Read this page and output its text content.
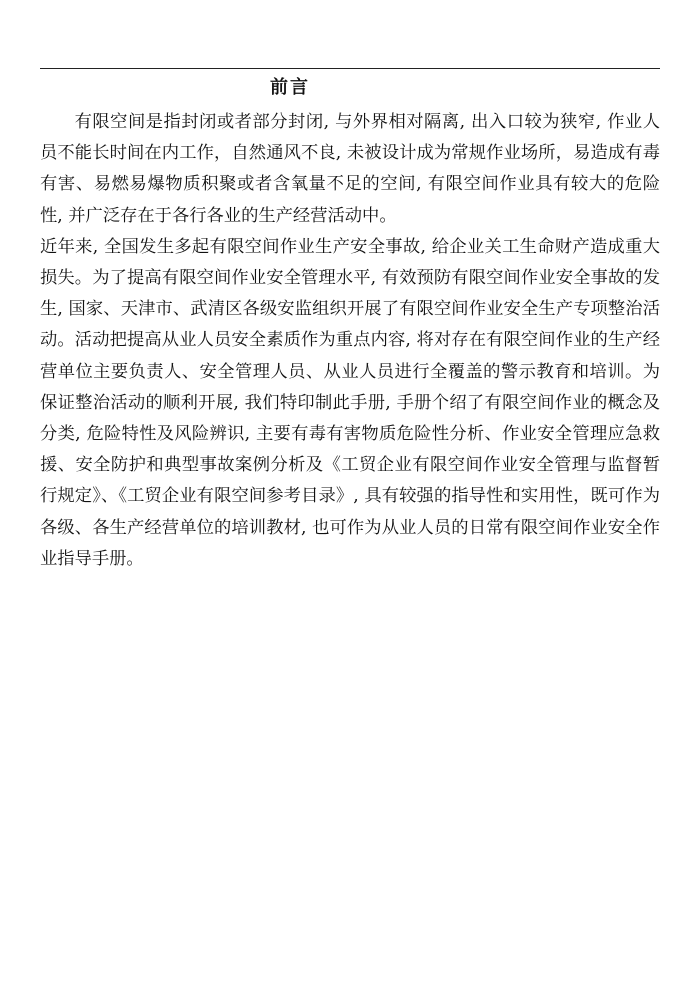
前言

有限空间是指封闭或者部分封闭, 与外界相对隔离, 出入口较为狭窄, 作业人员不能长时间在内工作，自然通风不良, 未被设计成为常规作业场所，易造成有毒有害、易燃易爆物质积聚或者含氧量不足的空间, 有限空间作业具有较大的危险性, 并广泛存在于各行各业的生产经营活动中。

近年来, 全国发生多起有限空间作业生产安全事故, 给企业关工生命财产造成重大损失。为了提高有限空间作业安全管理水平, 有效预防有限空间作业安全事故的发生, 国家、天津市、武清区各级安监组织开展了有限空间作业安全生产专项整治活动。活动把提高从业人员安全素质作为重点内容, 将对存在有限空间作业的生产经营单位主要负责人、安全管理人员、从业人员进行全覆盖的警示教育和培训。为保证整治活动的顺利开展, 我们特印制此手册, 手册个绍了有限空间作业的概念及分类, 危险特性及风险辨识, 主要有毒有害物质危险性分析、作业安全管理应急救援、安全防护和典型事故案例分析及《工贸企业有限空间作业安全管理与监督暂行规定》、《工贸企业有限空间参考目录》, 具有较强的指导性和实用性，既可作为各级、各生产经营单位的培训教材, 也可作为从业人员的日常有限空间作业安全作业指导手册。
